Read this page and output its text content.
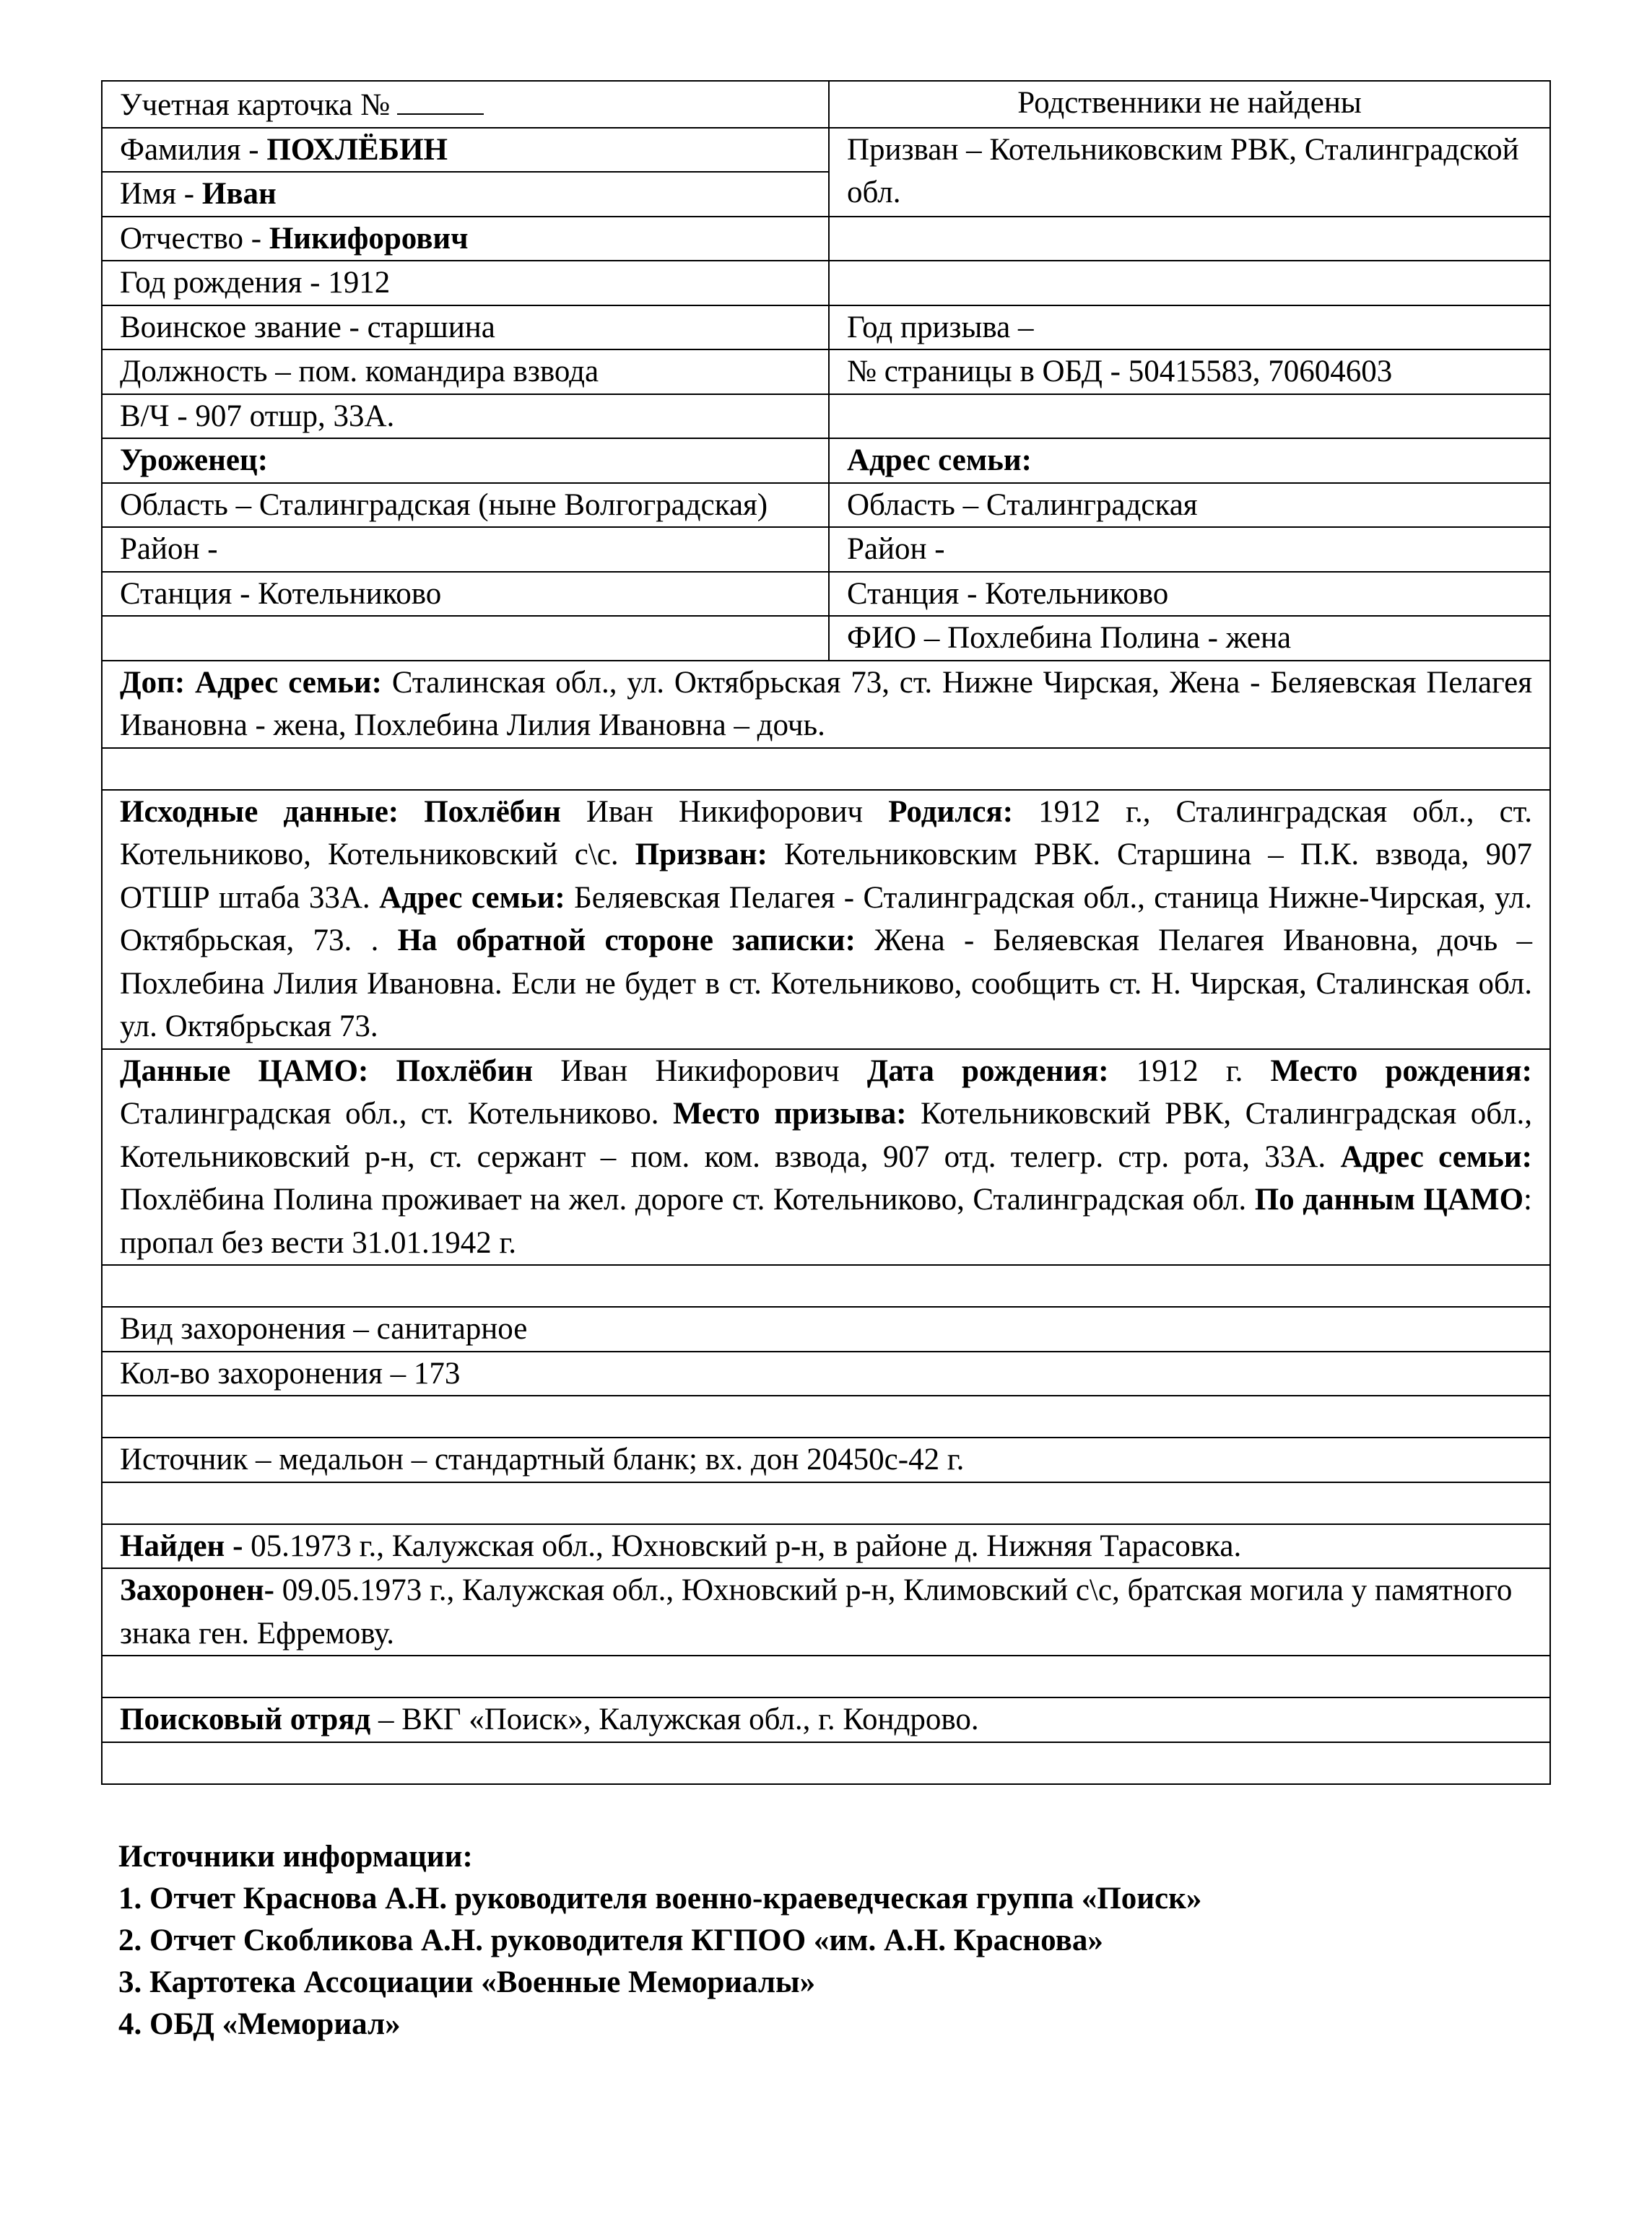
Учетная карточка №	Родственники не найдены
Фамилия - ПОХЛЁБИН	Призван – Котельниковским РВК, Сталинградской обл.
Имя - Иван	
Отчество - Никифорович	
Год рождения - 1912	
Воинское звание - старшина	Год призыва –
Должность – пом. командира взвода	№ страницы в ОБД - 50415583, 70604603
В/Ч - 907 отшр, 33А.	
Уроженец:	Адрес семьи:
Область – Сталинградская (ныне Волгоградская)	Область – Сталинградская
Район -	Район -
Станция - Котельниково	Станция - Котельниково
	ФИО – Похлебина Полина - жена
Доп: Адрес семьи: Сталинская обл., ул. Октябрьская 73, ст. Нижне Чирская, Жена - Беляевская Пелагея Ивановна - жена, Похлебина Лилия Ивановна – дочь.	

Исходные данные: Похлёбин Иван Никифорович Родился: 1912 г., Сталинградская обл., ст. Котельниково, Котельниковский с\с. Призван: Котельниковским РВК. Старшина – П.К. взвода, 907 ОТШР штаба 33А. Адрес семьи: Беляевская Пелагея - Сталинградская обл., станица Нижне-Чирская, ул. Октябрьская, 73. . На обратной стороне записки: Жена - Беляевская Пелагея Ивановна, дочь – Похлебина Лилия Ивановна. Если не будет в ст. Котельниково, сообщить ст. Н. Чирская, Сталинская обл. ул. Октябрьская 73.	
Данные ЦАМО: Похлёбин Иван Никифорович Дата рождения: 1912 г. Место рождения: Сталинградская обл., ст. Котельниково. Место призыва: Котельниковский РВК, Сталинградская обл., Котельниковский р-н, ст. сержант – пом. ком. взвода, 907 отд. телегр. стр. рота, 33А. Адрес семьи: Похлёбина Полина проживает на жел. дороге ст. Котельниково, Сталинградская обл. По данным ЦАМО: пропал без вести 31.01.1942 г.	

Вид захоронения – санитарное	
Кол-во захоронения – 173	

Источник – медальон – стандартный бланк; вх. дон 20450с-42 г.	

Найден - 05.1973 г., Калужская обл., Юхновский р-н, в районе д. Нижняя Тарасовка.	
Захоронен- 09.05.1973 г., Калужская обл., Юхновский р-н, Климовский с\с, братская могила у памятного знака ген. Ефремову.	

Поисковый отряд – ВКГ «Поиск», Калужская обл., г. Кондрово.	

Источники информации:
1. Отчет Краснова А.Н. руководителя военно-краеведческая группа «Поиск»
2. Отчет Скобликова А.Н. руководителя КГПОО «им. А.Н. Краснова»
3. Картотека Ассоциации «Военные Мемориалы»
4. ОБД «Мемориал»
